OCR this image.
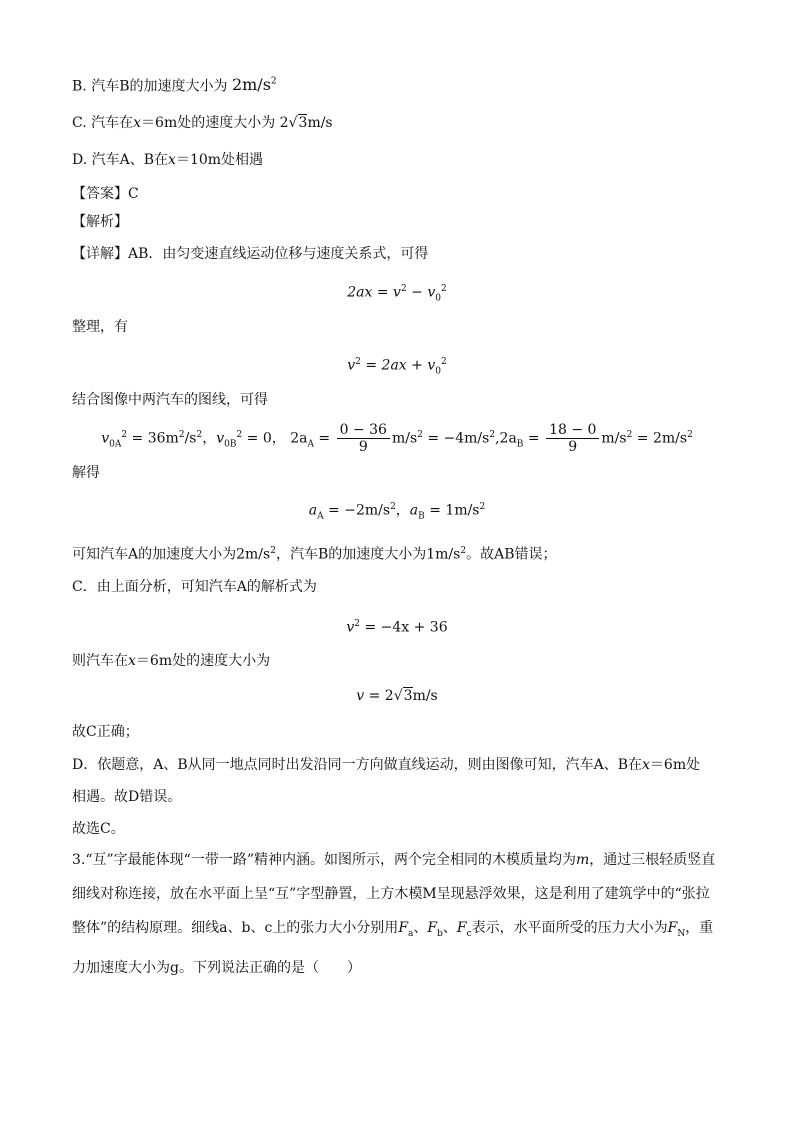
B. 汽车B的加速度大小为 $2m/s^2$
C. 汽车在x＝6m处的速度大小为 2√3m/s
D. 汽车A、B在x＝10m处相遇
【答案】C
【解析】
【详解】AB．由匀变速直线运动位移与速度关系式，可得
$2ax = v^2 - v_0^2$
整理，有
$v^2 = 2ax + v_0^2$
结合图像中两汽车的图线，可得
$v_{0A}^2 = 36m^2/s^2$，$v_{0B}^2 = 0$， $2a_A = \frac{0 - 36}{9} m/s^2 = -4m/s^2,2a_B = \frac{18 - 0}{9} m/s^2 = 2m/s^2$
解得
$a_A = -2m/s^2$，$a_B = 1m/s^2$
可知汽车A的加速度大小为$2m/s^2$，汽车B的加速度大小为$1m/s^2$。故AB错误；
C．由上面分析，可知汽车A的解析式为
$v^2 = -4x + 36$
则汽车在x＝6m处的速度大小为
v = 2√3m/s
故C正确；
D．依题意，A、B从同一地点同时出发沿同一方向做直线运动，则由图像可知，汽车A、B在x＝6m处
相遇。故D错误。
故选C。
3.“互”字最能体现“一带一路”精神内涵。如图所示，两个完全相同的木模质量均为m，通过三根轻质竖直细线对称连接，放在水平面上呈“互”字型静置，上方木模M呈现悬浮效果，这是利用了建筑学中的“张拉整体”的结构原理。细线a、b、c上的张力大小分别用$F_a$、$F_b$、$F_c$表示，水平面所受的压力大小为$F_N$，重力加速度大小为g。下列说法正确的是（　　）
